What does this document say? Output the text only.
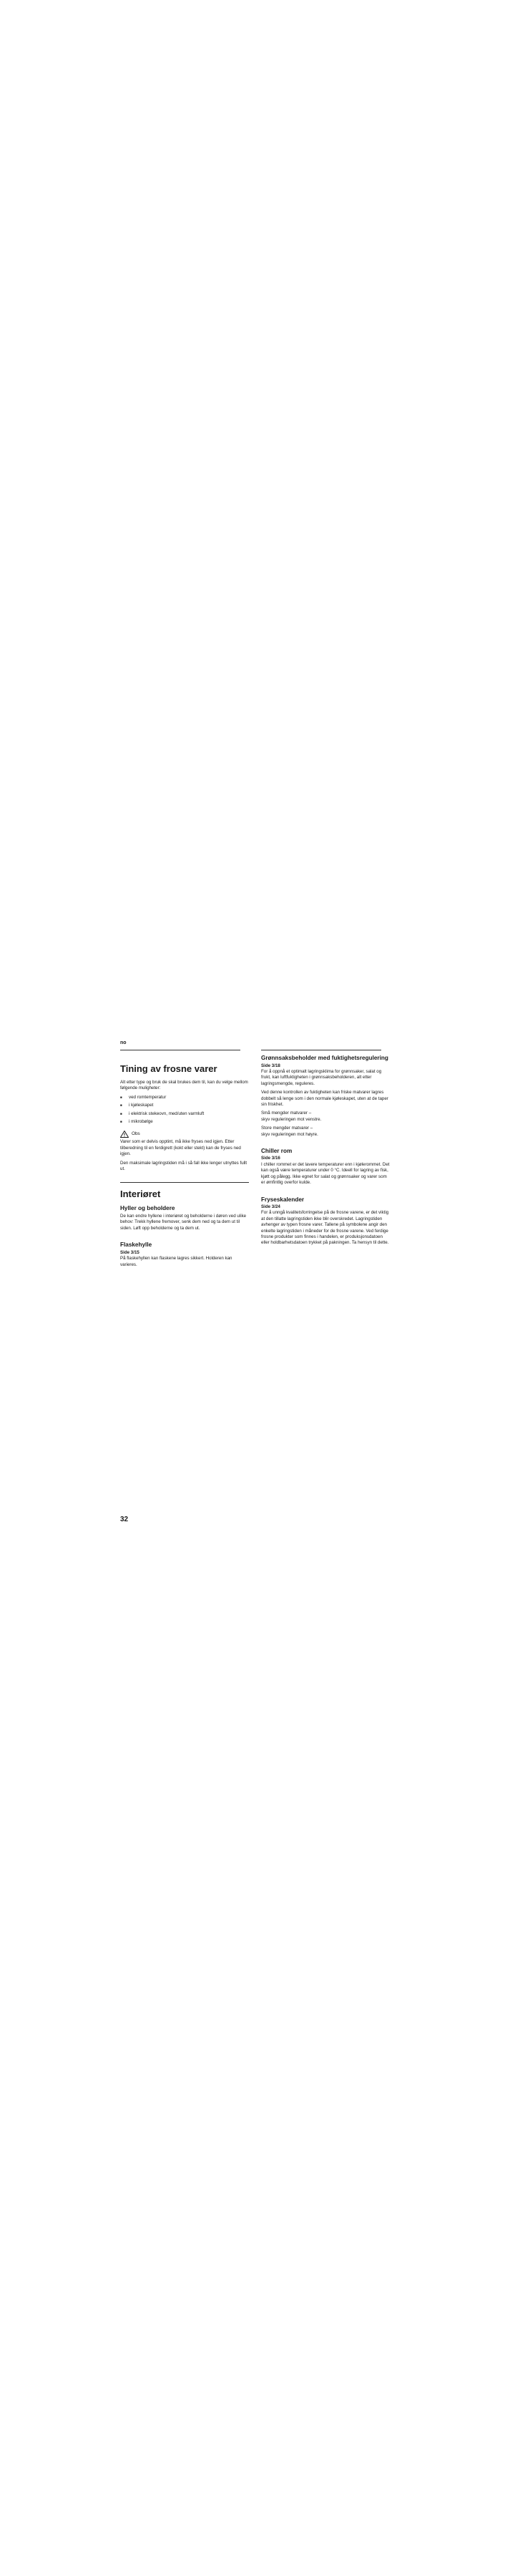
no
Tining av frosne varer

Alt etter type og bruk de skal brukes dem til, kan du velge mellom følgende muligheter:

■ ved romtemperatur
■ i kjøleskapet
■ i elektrisk stekeovn, med/uten varmluft
■ i mikrobølge
Obs

Varer som er delvis opptint, må ikke fryses ned igjen. Etter tilberedning til en ferdigrett (kokt eller stekt) kan de fryses ned igjen.

Den maksimale lagringstiden må i så fall ikke lenger utnyttes fullt ut.

Interiøret
Hyller og beholdere

De kan endre hyllene i interiøret og beholderne i døren ved ulike behov: Trekk hyllene fremover, senk dem ned og ta dem ut til siden. Løft opp beholderne og ta dem ut.

Flaskehylle

Side 3/15

På flaskehyllen kan flaskene lagres sikkert. Holderen kan varieres.

Grønnsaksbeholder med fuktighetsregulering

Side 3/18

For å oppnå et optimalt lagringsklima for grønnsaker, salat og frukt, kan luftfuktigheten i grønnsaksbeholderen, alt etter lagringsmengde, reguleres.

Ved denne kontrollen av fuktigheten kan friske matvarer lagres dobbelt så lenge som i den normale kjøleskapet, uten at de taper sin friskhet.

Små mengder matvarer –

skyv reguleringen mot venstre.

Store mengder matvarer –

skyv reguleringen mot høyre.

Chiller rom

Side 3/16

I chiller rommet er det lavere temperaturer enn i kjølerommet. Det kan også være temperaturer under 0 °C. Ideell for lagring av fisk, kjøtt og pålegg. Ikke egnet for salat og grønnsaker og varer som er ømfintlig overfor kulde.

Fryseskalender

Side 3/24

For å unngå kvalitetsforringelse på de frosne varene, er det viktig at den tillatte lagringstiden ikke blir overskredet. Lagringstiden avhenger av typen frosne varer. Tallene på symbolene angir den enkelte lagringstiden i måneder for de frosne varene. Ved ferdige frosne produkter som finnes i handelen, er produksjonsdatoen eller holdbarhetsdatoen trykket på pakningen. Ta hensyn til dette.

32
